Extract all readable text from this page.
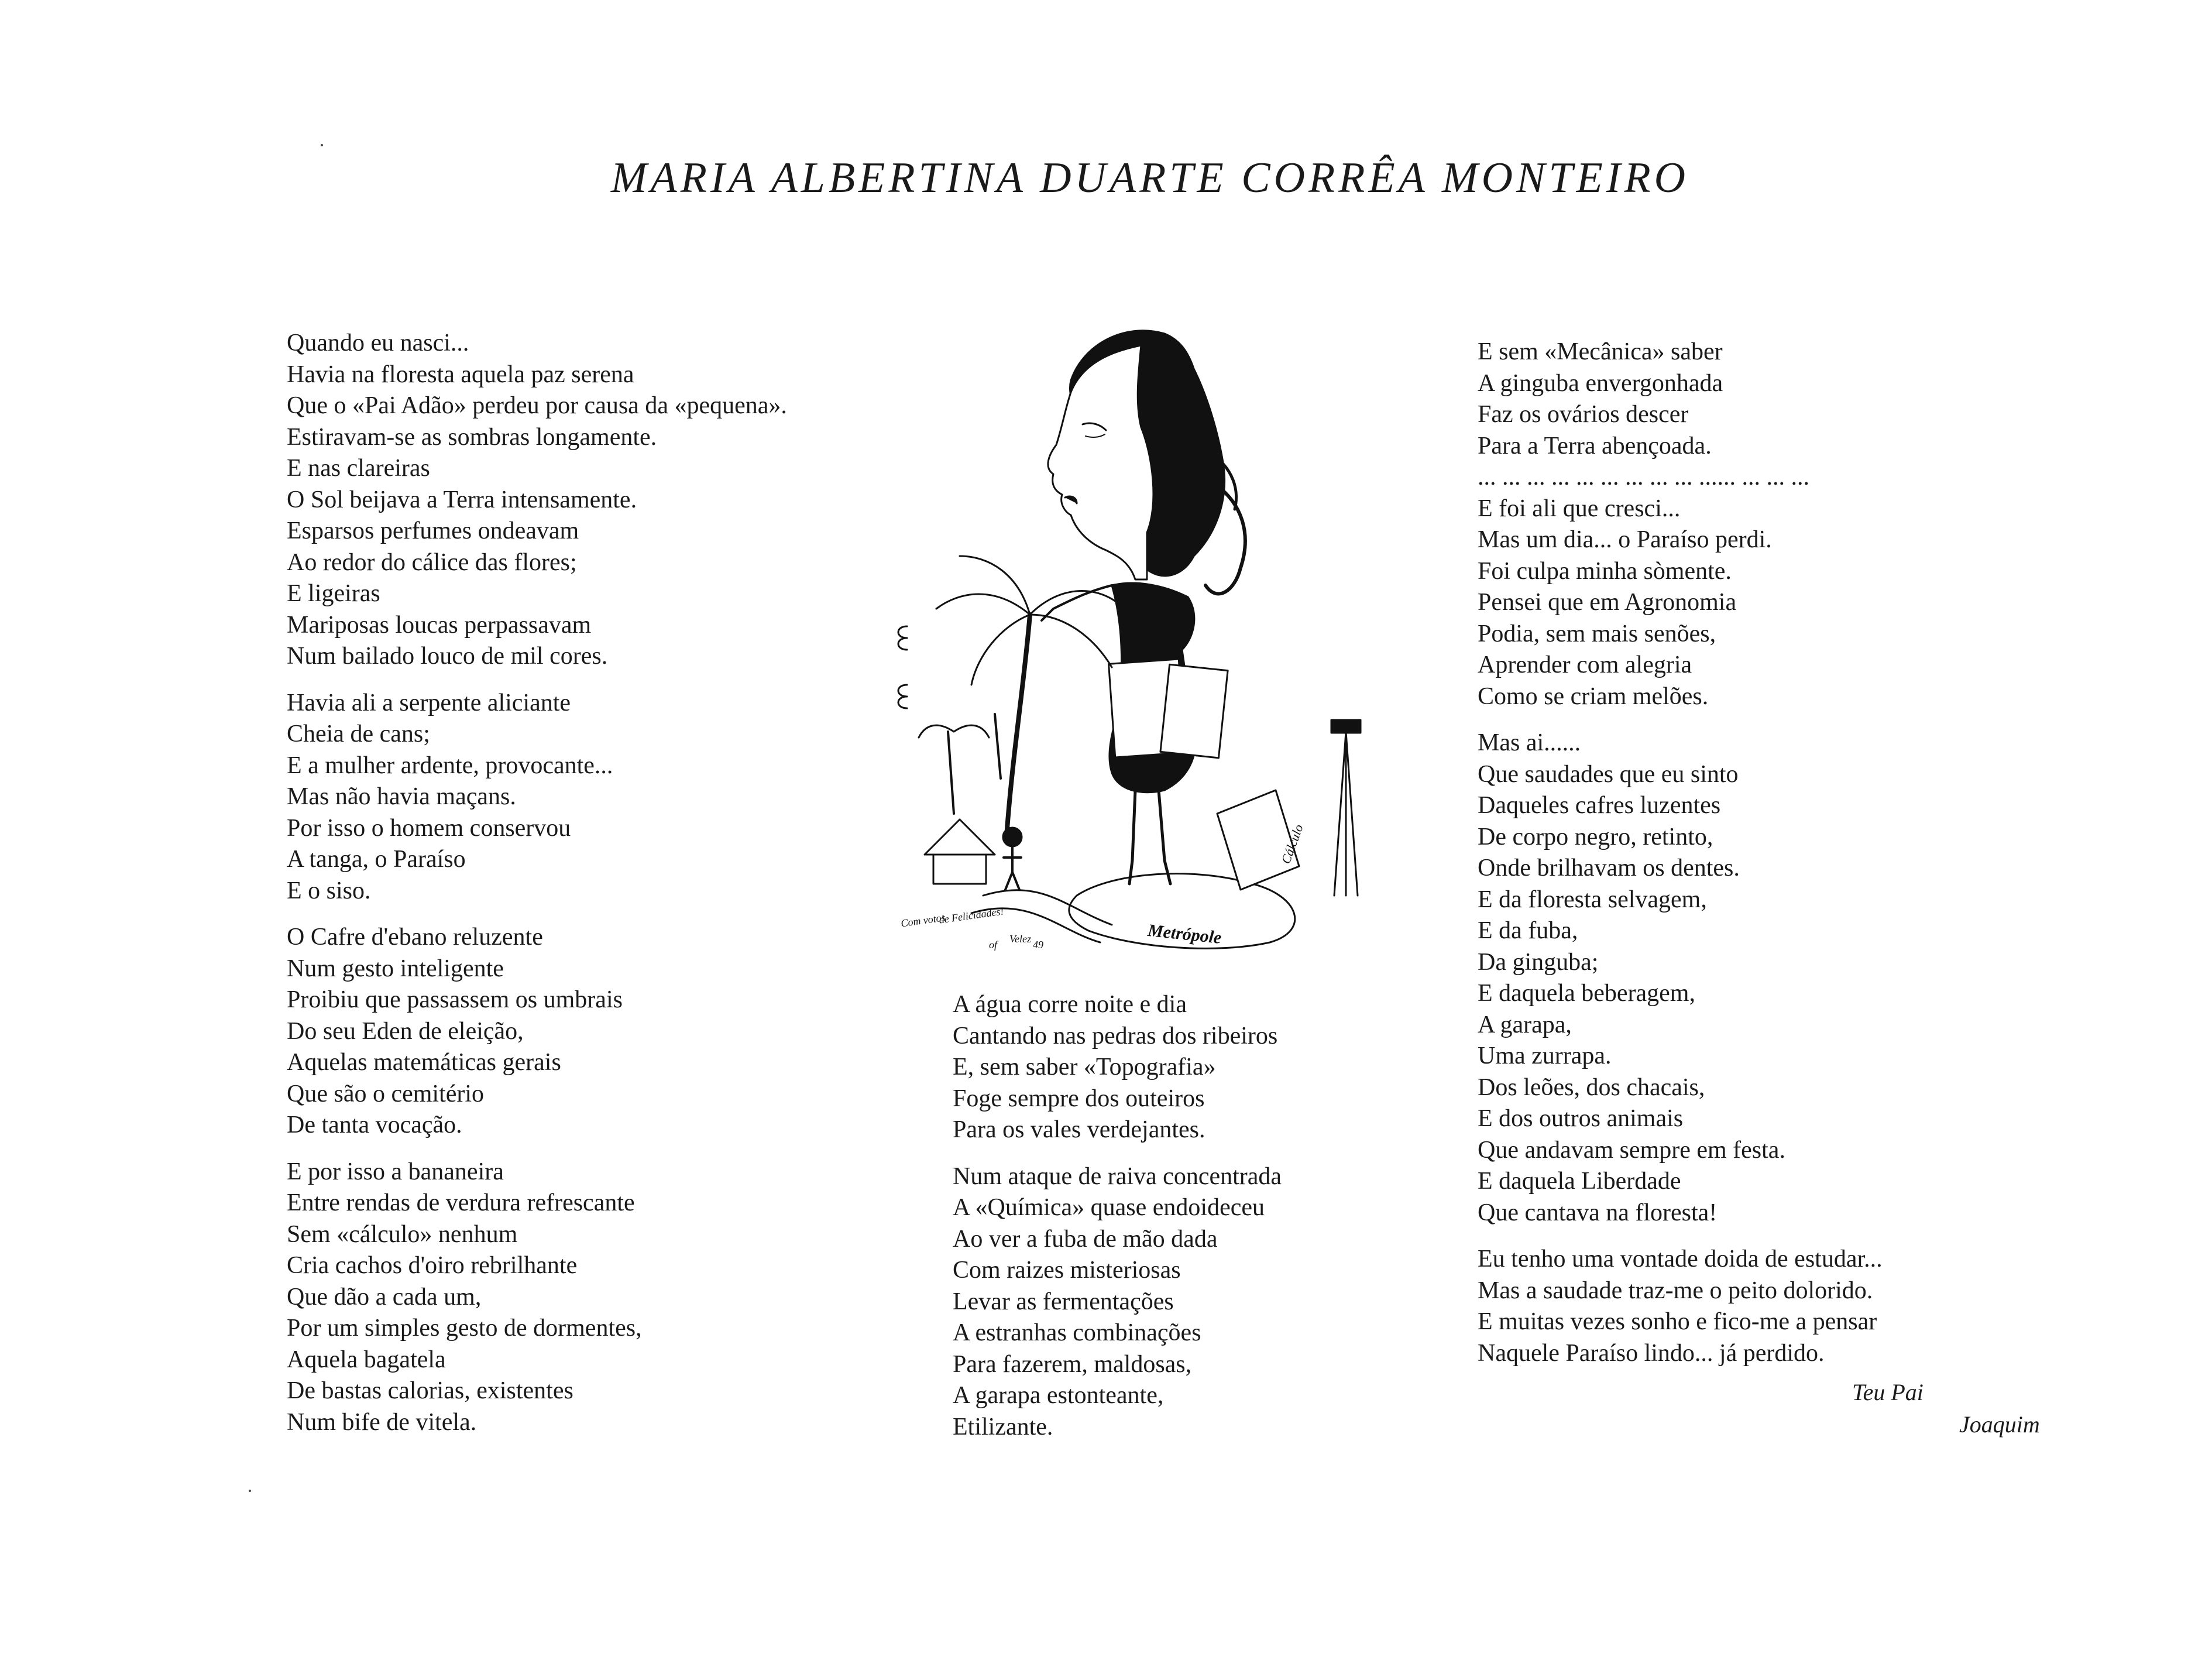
MARIA ALBERTINA DUARTE CORRÊA MONTEIRO
Quando eu nasci...
Havia na floresta aquela paz serena
Que o «Pai Adão» perdeu por causa da «pequena».
Estiravam-se as sombras longamente.
E nas clareiras
O Sol beijava a Terra intensamente.
Esparsos perfumes ondeavam
Ao redor do cálice das flores;
E ligeiras
Mariposas loucas perpassavam
Num bailado louco de mil cores.
Havia ali a serpente aliciante
Cheia de cans;
E a mulher ardente, provocante...
Mas não havia maçans.
Por isso o homem conservou
A tanga, o Paraíso
E o siso.
O Cafre d'ebano reluzente
Num gesto inteligente
Proibiu que passassem os umbrais
Do seu Eden de eleição,
Aquelas matemáticas gerais
Que são o cemitério
De tanta vocação.
E por isso a bananeira
Entre rendas de verdura refrescante
Sem «cálculo» nenhum
Cria cachos d'oiro rebrilhante
Que dão a cada um,
Por um simples gesto de dormentes,
Aquela bagatela
De bastas calorias, existentes
Num bife de vitela.
Cálculo
Metrópole
Com votos
de Felicidades!
of Velez 49
A água corre noite e dia
Cantando nas pedras dos ribeiros
E, sem saber «Topografia»
Foge sempre dos outeiros
Para os vales verdejantes.
Num ataque de raiva concentrada
A «Química» quase endoideceu
Ao ver a fuba de mão dada
Com raizes misteriosas
Levar as fermentações
A estranhas combinações
Para fazerem, maldosas,
A garapa estonteante,
Etilizante.
E sem «Mecânica» saber
A ginguba envergonhada
Faz os ovários descer
Para a Terra abençoada.
... ... ... ... ... ... ... ... ... ...... ... ... ...
E foi ali que cresci...
Mas um dia... o Paraíso perdi.
Foi culpa minha sòmente.
Pensei que em Agronomia
Podia, sem mais senões,
Aprender com alegria
Como se criam melões.
Mas ai......
Que saudades que eu sinto
Daqueles cafres luzentes
De corpo negro, retinto,
Onde brilhavam os dentes.
E da floresta selvagem,
E da fuba,
Da ginguba;
E daquela beberagem,
A garapa,
Uma zurrapa.
Dos leões, dos chacais,
E dos outros animais
Que andavam sempre em festa.
E daquela Liberdade
Que cantava na floresta!
Eu tenho uma vontade doida de estudar...
Mas a saudade traz-me o peito dolorido.
E muitas vezes sonho e fico-me a pensar
Naquele Paraíso lindo... já perdido.
Teu Pai
Joaquim
